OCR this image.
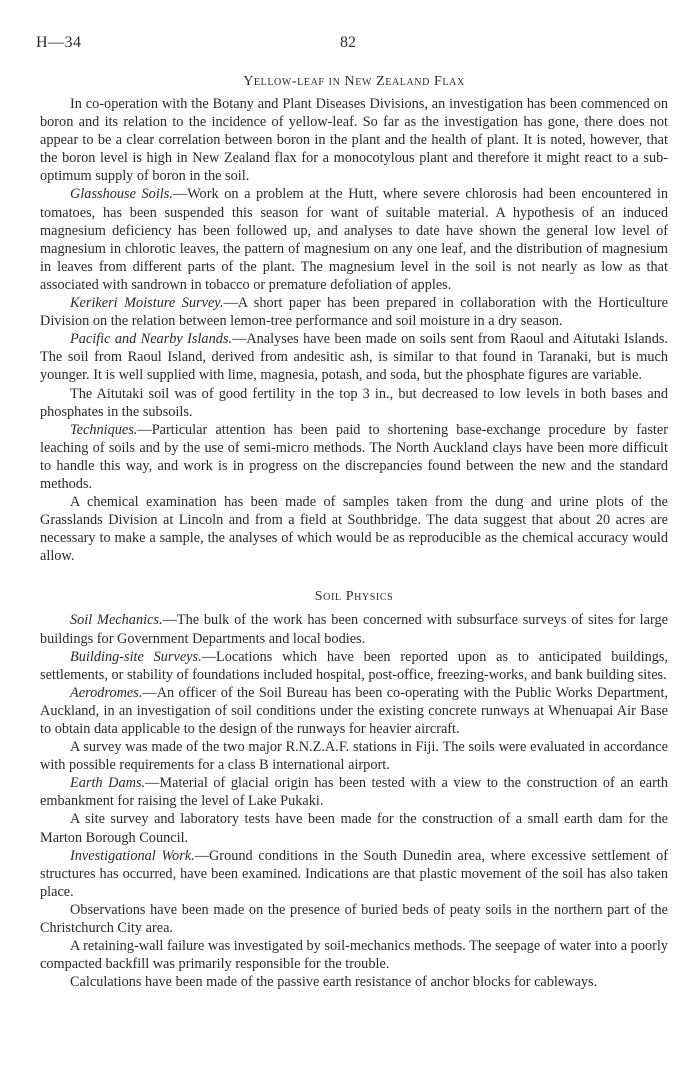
H—34	82
Yellow-leaf in New Zealand Flax

In co-operation with the Botany and Plant Diseases Divisions, an investigation has been commenced on boron and its relation to the incidence of yellow-leaf. So far as the investigation has gone, there does not appear to be a clear correlation between boron in the plant and the health of plant. It is noted, however, that the boron level is high in New Zealand flax for a monocotylous plant and therefore it might react to a sub-optimum supply of boron in the soil.

Glasshouse Soils.—Work on a problem at the Hutt, where severe chlorosis had been encountered in tomatoes, has been suspended this season for want of suitable material. A hypothesis of an induced magnesium deficiency has been followed up, and analyses to date have shown the general low level of magnesium in chlorotic leaves, the pattern of magnesium on any one leaf, and the distribution of magnesium in leaves from different parts of the plant. The magnesium level in the soil is not nearly as low as that associated with sandrown in tobacco or premature defoliation of apples.

Kerikeri Moisture Survey.—A short paper has been prepared in collaboration with the Horticulture Division on the relation between lemon-tree performance and soil moisture in a dry season.

Pacific and Nearby Islands.—Analyses have been made on soils sent from Raoul and Aitutaki Islands. The soil from Raoul Island, derived from andesitic ash, is similar to that found in Taranaki, but is much younger. It is well supplied with lime, magnesia, potash, and soda, but the phosphate figures are variable.

The Aitutaki soil was of good fertility in the top 3 in., but decreased to low levels in both bases and phosphates in the subsoils.

Techniques.—Particular attention has been paid to shortening base-exchange procedure by faster leaching of soils and by the use of semi-micro methods. The North Auckland clays have been more difficult to handle this way, and work is in progress on the discrepancies found between the new and the standard methods.

A chemical examination has been made of samples taken from the dung and urine plots of the Grasslands Division at Lincoln and from a field at Southbridge. The data suggest that about 20 acres are necessary to make a sample, the analyses of which would be as reproducible as the chemical accuracy would allow.

Soil Physics

Soil Mechanics.—The bulk of the work has been concerned with subsurface surveys of sites for large buildings for Government Departments and local bodies.

Building-site Surveys.—Locations which have been reported upon as to anticipated buildings, settlements, or stability of foundations included hospital, post-office, freezing-works, and bank building sites.

Aerodromes.—An officer of the Soil Bureau has been co-operating with the Public Works Department, Auckland, in an investigation of soil conditions under the existing concrete runways at Whenuapai Air Base to obtain data applicable to the design of the runways for heavier aircraft.

A survey was made of the two major R.N.Z.A.F. stations in Fiji. The soils were evaluated in accordance with possible requirements for a class B international airport.

Earth Dams.—Material of glacial origin has been tested with a view to the construction of an earth embankment for raising the level of Lake Pukaki.

A site survey and laboratory tests have been made for the construction of a small earth dam for the Marton Borough Council.

Investigational Work.—Ground conditions in the South Dunedin area, where excessive settlement of structures has occurred, have been examined. Indications are that plastic movement of the soil has also taken place.

Observations have been made on the presence of buried beds of peaty soils in the northern part of the Christchurch City area.

A retaining-wall failure was investigated by soil-mechanics methods. The seepage of water into a poorly compacted backfill was primarily responsible for the trouble.

Calculations have been made of the passive earth resistance of anchor blocks for cableways.
